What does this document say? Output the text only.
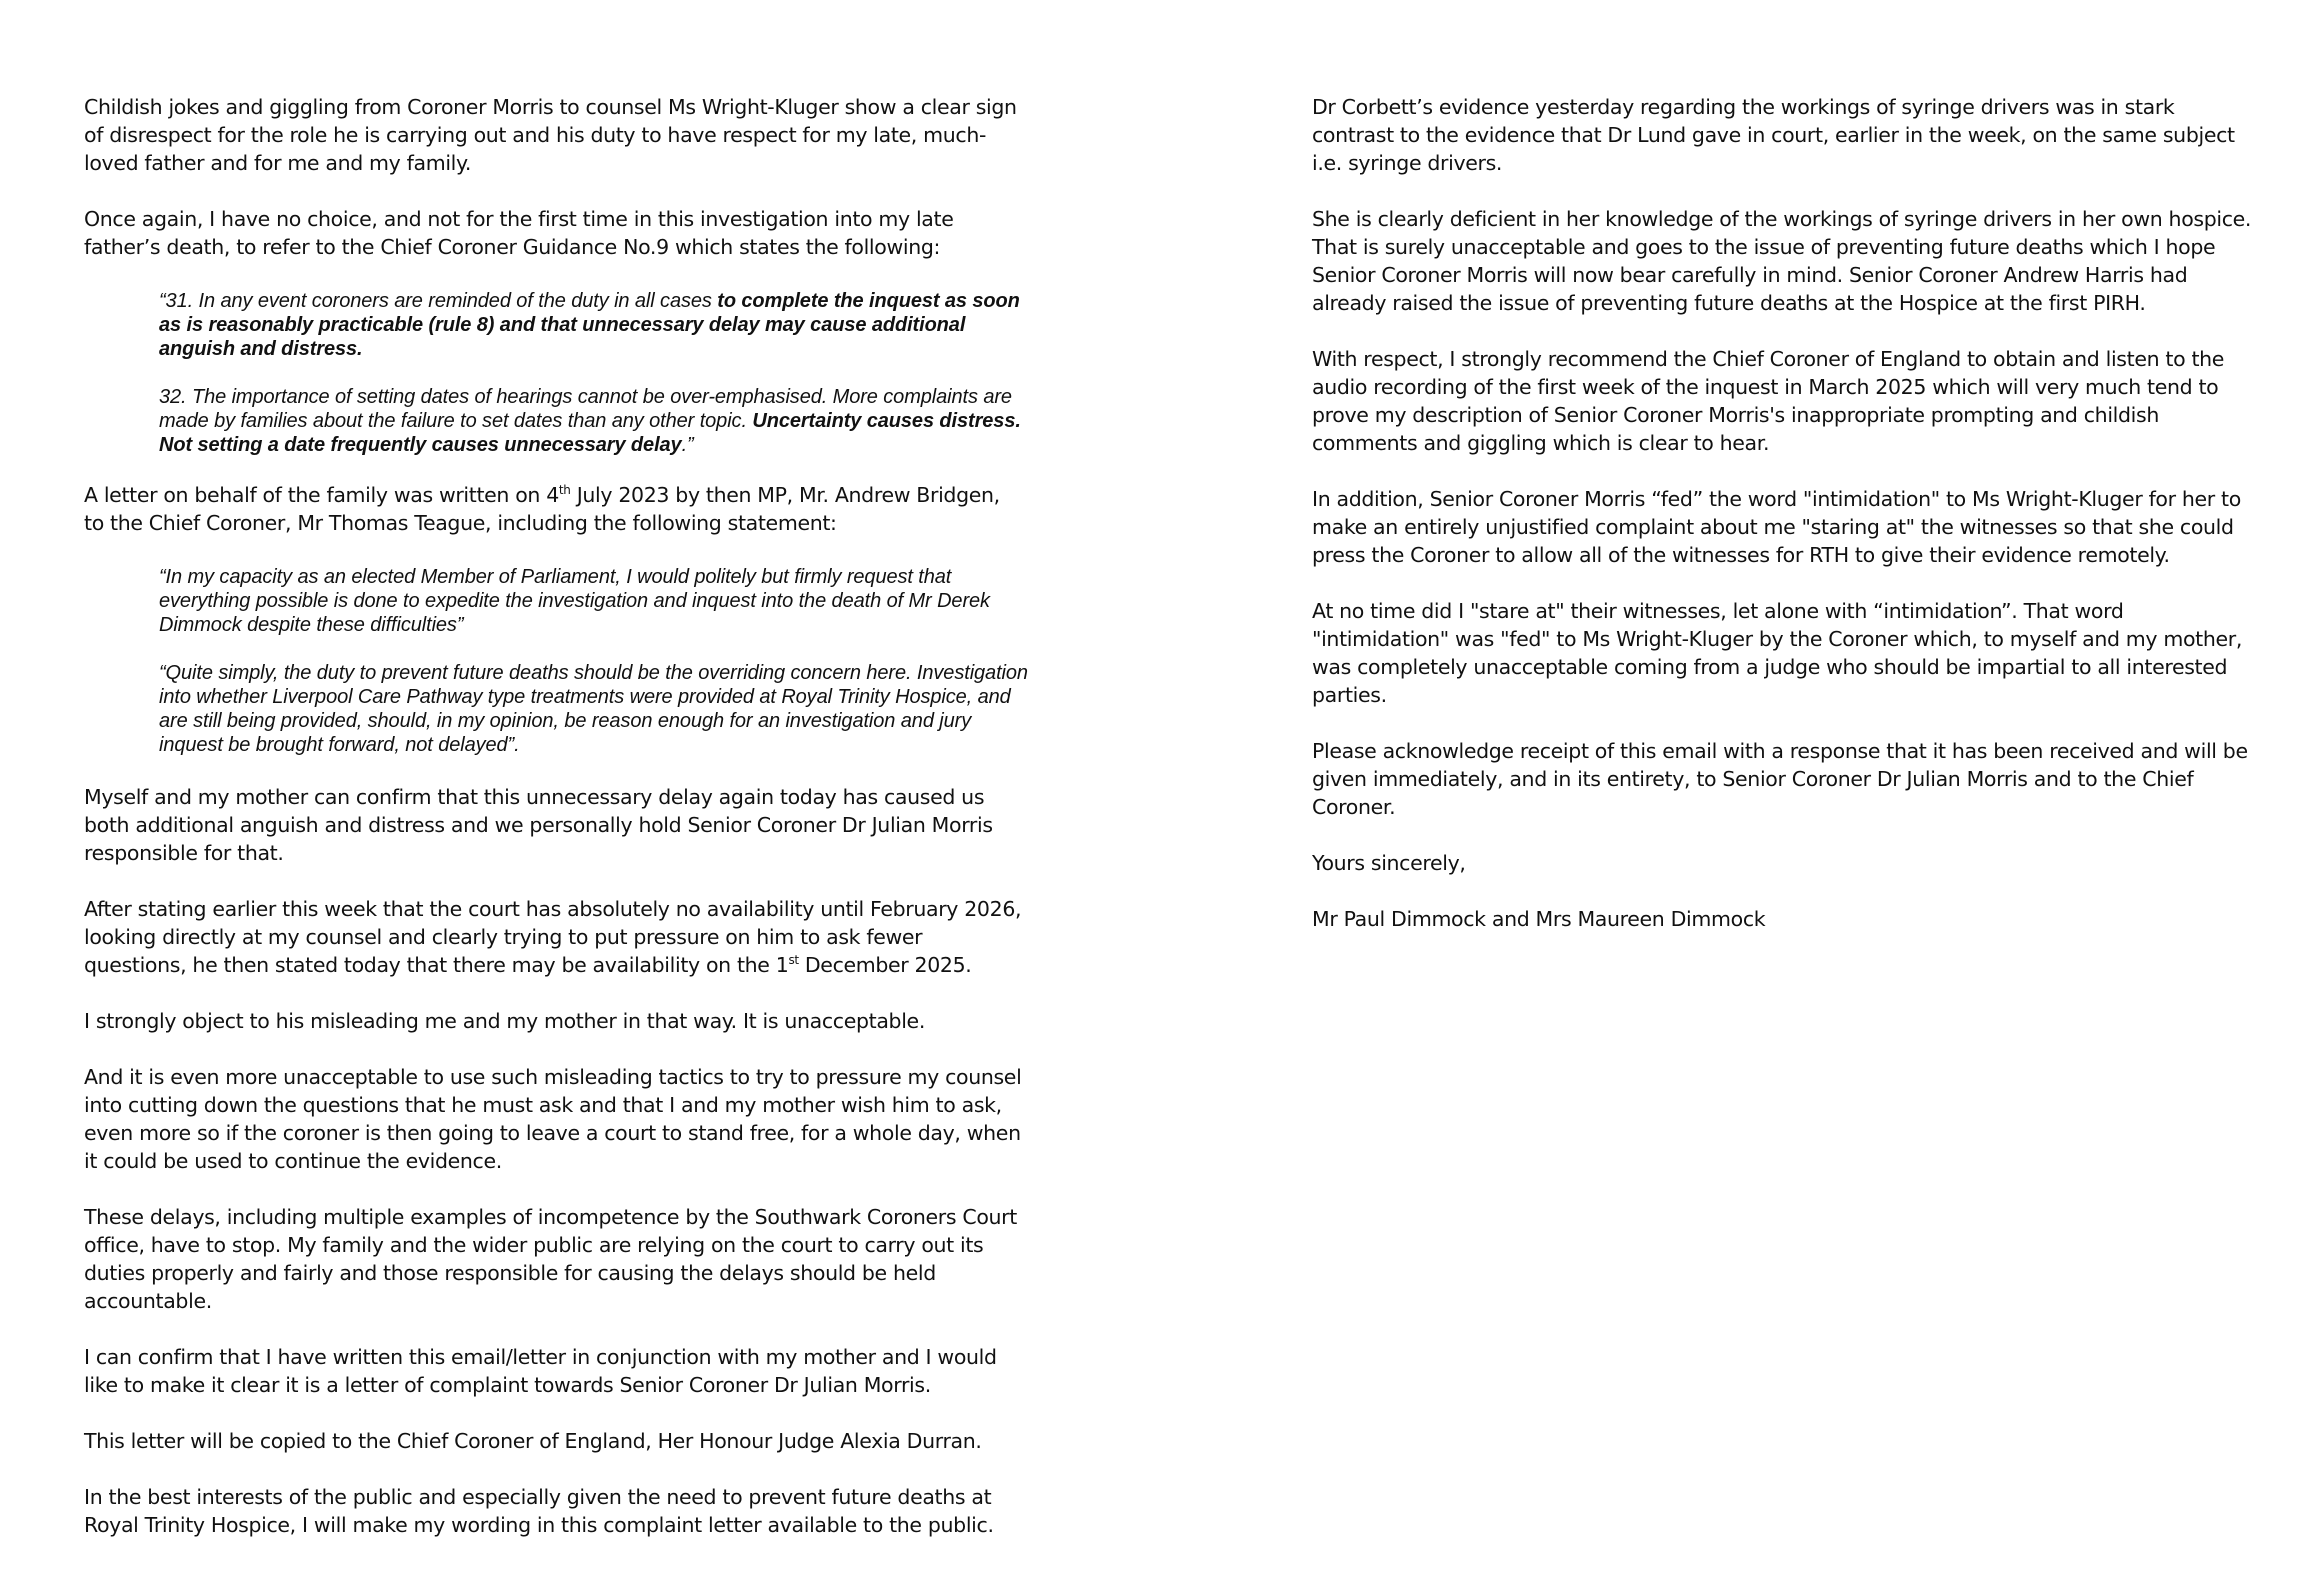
Childish jokes and giggling from Coroner Morris to counsel Ms Wright-Kluger show a clear sign of disrespect for the role he is carrying out and his duty to have respect for my late, much-loved father and for me and my family.

Once again, I have no choice, and not for the first time in this investigation into my late father’s death, to refer to the Chief Coroner Guidance No.9 which states the following:

“31. In any event coroners are reminded of the duty in all cases to complete the inquest as soon as is reasonably practicable (rule 8) and that unnecessary delay may cause additional anguish and distress.
32. The importance of setting dates of hearings cannot be over-emphasised. More complaints are made by families about the failure to set dates than any other topic. Uncertainty causes distress. Not setting a date frequently causes unnecessary delay.”

A letter on behalf of the family was written on 4th July 2023 by then MP, Mr. Andrew Bridgen, to the Chief Coroner, Mr Thomas Teague, including the following statement:

“In my capacity as an elected Member of Parliament, I would politely but firmly request that everything possible is done to expedite the investigation and inquest into the death of Mr Derek Dimmock despite these difficulties”
“Quite simply, the duty to prevent future deaths should be the overriding concern here. Investigation into whether Liverpool Care Pathway type treatments were provided at Royal Trinity Hospice, and are still being provided, should, in my opinion, be reason enough for an investigation and jury inquest be brought forward, not delayed”.

Myself and my mother can confirm that this unnecessary delay again today has caused us both additional anguish and distress and we personally hold Senior Coroner Dr Julian Morris responsible for that.

After stating earlier this week that the court has absolutely no availability until February 2026, looking directly at my counsel and clearly trying to put pressure on him to ask fewer questions, he then stated today that there may be availability on the 1st December 2025.

I strongly object to his misleading me and my mother in that way. It is unacceptable.

And it is even more unacceptable to use such misleading tactics to try to pressure my counsel into cutting down the questions that he must ask and that I and my mother wish him to ask, even more so if the coroner is then going to leave a court to stand free, for a whole day, when it could be used to continue the evidence.

These delays, including multiple examples of incompetence by the Southwark Coroners Court office, have to stop. My family and the wider public are relying on the court to carry out its duties properly and fairly and those responsible for causing the delays should be held accountable.

I can confirm that I have written this email/letter in conjunction with my mother and I would like to make it clear it is a letter of complaint towards Senior Coroner Dr Julian Morris.

This letter will be copied to the Chief Coroner of England, Her Honour Judge Alexia Durran.

In the best interests of the public and especially given the need to prevent future deaths at Royal Trinity Hospice, I will make my wording in this complaint letter available to the public.

Dr Corbett’s evidence yesterday regarding the workings of syringe drivers was in stark contrast to the evidence that Dr Lund gave in court, earlier in the week, on the same subject i.e. syringe drivers.

She is clearly deficient in her knowledge of the workings of syringe drivers in her own hospice. That is surely unacceptable and goes to the issue of preventing future deaths which I hope Senior Coroner Morris will now bear carefully in mind. Senior Coroner Andrew Harris had already raised the issue of preventing future deaths at the Hospice at the first PIRH.

With respect, I strongly recommend the Chief Coroner of England to obtain and listen to the audio recording of the first week of the inquest in March 2025 which will very much tend to prove my description of Senior Coroner Morris's inappropriate prompting and childish comments and giggling which is clear to hear.

In addition, Senior Coroner Morris “fed” the word "intimidation" to Ms Wright-Kluger for her to make an entirely unjustified complaint about me "staring at" the witnesses so that she could press the Coroner to allow all of the witnesses for RTH to give their evidence remotely.

At no time did I "stare at" their witnesses, let alone with “intimidation”. That word "intimidation" was "fed" to Ms Wright-Kluger by the Coroner which, to myself and my mother, was completely unacceptable coming from a judge who should be impartial to all interested parties.

Please acknowledge receipt of this email with a response that it has been received and will be given immediately, and in its entirety, to Senior Coroner Dr Julian Morris and to the Chief Coroner.

Yours sincerely,

Mr Paul Dimmock and Mrs Maureen Dimmock
